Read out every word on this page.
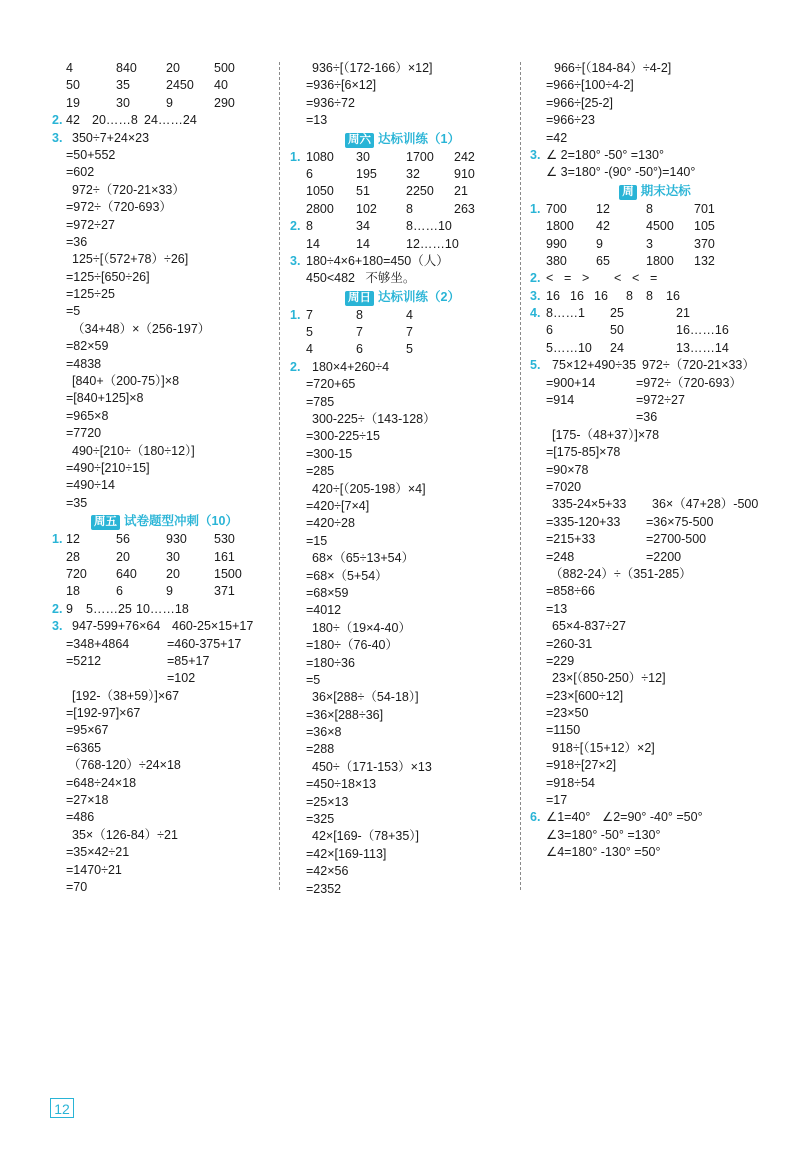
4	840 20	500
50	35	2450 40
19	30	9	290
2. 42 20……8 24……24
3. 350÷7+24×23
=50+552
=602
972÷（720-21×33）
=972÷（720-693）
=972÷27
=36
125÷[（572+78）÷26]
=125÷[650÷26]
=125÷25
=5
（34+48）×（256-197）
=82×59
=4838
[840+（200-75）]×8
=[840+125]×8
=965×8
=7720
490÷[210÷（180÷12）]
=490÷[210÷15]
=490÷14
=35
周五 试卷题型冲刺（10）
1. 12	56	930 530
28	20	30	161
720 640 20	1500
18	6	9	371
2. 9 5……25 10……18
3. 947-599+76×64 460-25×15+17
=348+4864	=460-375+17
=5212	=85+17
=102
[192-（38+59）]×67
=[192-97]×67
=95×67
=6365
（768-120）÷24×18
=648÷24×18
=27×18
=486
35×（126-84）÷21
=35×42÷21
=1470÷21
=70
936÷[（172-166）×12]
=936÷[6×12]
=936÷72
=13
周六 达标训练（1）
1. 1080 30	1700 242
6	195 32	910
1050 51	2250 21
2800 102 8	263
2. 8	34	8……10
14	14	12……10
3. 180÷4×6+180=450（人）
450<482   不够坐。
周日 达标训练（2）
1. 7	8	4
5	7	7
4	6	5
2. 180×4+260÷4
=720+65
=785
300-225÷（143-128）
=300-225÷15
=300-15
=285
420÷[（205-198）×4]
=420÷[7×4]
=420÷28
=15
68×（65÷13+54）
=68×（5+54）
=68×59
=4012
180÷（19×4-40）
=180÷（76-40）
=180÷36
=5
36×[288÷（54-18）]
=36×[288÷36]
=36×8
=288
450÷（171-153）×13
=450÷18×13
=25×13
=325
42×[169-（78+35）]
=42×[169-113]
=42×56
=2352
966÷[（184-84）÷4-2]
=966÷[100÷4-2]
=966÷[25-2]
=966÷23
=42
3. ∠ 2=180° -50° =130°
∠ 3=180° -(90° -50°)=140°
周 期末达标
1. 700 12	8	701
1800 42	4500 105
990 9	3	370
380 65	1800 132
2. < = > < < =
3. 16 16 16 8 8 16
4. 8……1 25	21
6	50	16……16
5……10 24	13……14
5. 75×12+490÷35 972÷（720-21×33）
=900+14	=972÷（720-693）
=914	=972÷27
=36
[175-（48+37）]×78
=[175-85]×78
=90×78
=7020
335-24×5+33 36×（47+28）-500
=335-120+33 =36×75-500
=215+33	=2700-500
=248	=2200
（882-24）÷（351-285）
=858÷66
=13
65×4-837÷27
=260-31
=229
23×[（850-250）÷12]
=23×[600÷12]
=23×50
=1150
918÷[（15+12）×2]
=918÷[27×2]
=918÷54
=17
6. ∠1=40° ∠2=90° -40° =50°
∠3=180° -50° =130°
∠4=180° -130° =50°
12
